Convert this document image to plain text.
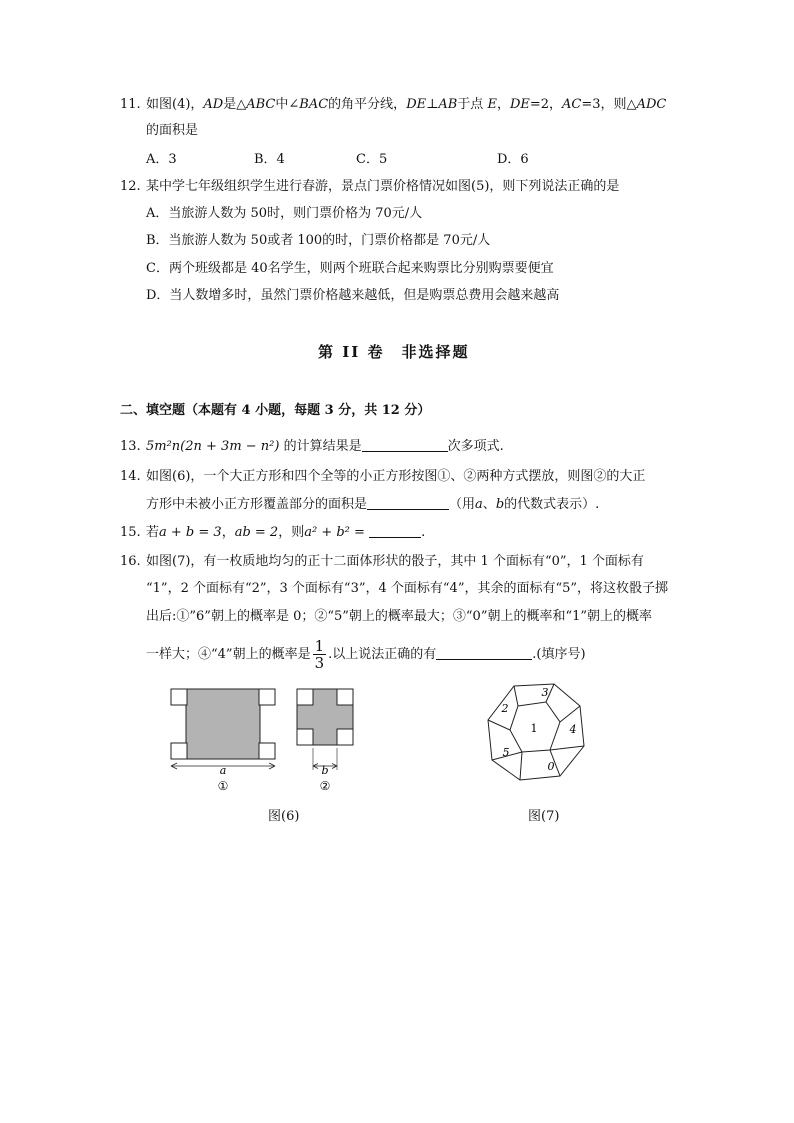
11. 如图(4)，AD是△ABC中∠BAC的角平分线，DE⊥AB于点 E，DE=2，AC=3，则△ADC
的面积是
A．3	B．4	C．5	D．6
12. 某中学七年级组织学生进行春游，景点门票价格情况如图(5)，则下列说法正确的是
A．当旅游人数为 50时，则门票价格为 70元/人
B．当旅游人数为 50或者 100的时，门票价格都是 70元/人
C．两个班级都是 40名学生，则两个班联合起来购票比分别购票要便宜
D．当人数增多时，虽然门票价格越来越低，但是购票总费用会越来越高
第 II 卷　非选择题
二、填空题（本题有 4 小题，每题 3 分，共 12 分）
13. 5m²n(2n + 3m − n²) 的计算结果是	次多项式.
14. 如图(6)，一个大正方形和四个全等的小正方形按图①、②两种方式摆放，则图②的大正
方形中未被小正方形覆盖部分的面积是	（用a、b的代数式表示）.
15. 若a + b = 3，ab = 2，则a² + b² =	.
16. 如图(7)，有一枚质地均匀的正十二面体形状的骰子，其中 1 个面标有“0”，1 个面标有
“1”，2 个面标有“2”，3 个面标有“3”，4 个面标有“4”，其余的面标有“5”，将这枚骰子掷
出后:①”6”朝上的概率是 0；②“5”朝上的概率最大；③“0”朝上的概率和“1”朝上的概率
一样大；④“4”朝上的概率是 $\frac{1}{3}$ .以上说法正确的有	.(填序号)
a
①
b
②
图(6)
1
2
3
4
5
0
图(7)
